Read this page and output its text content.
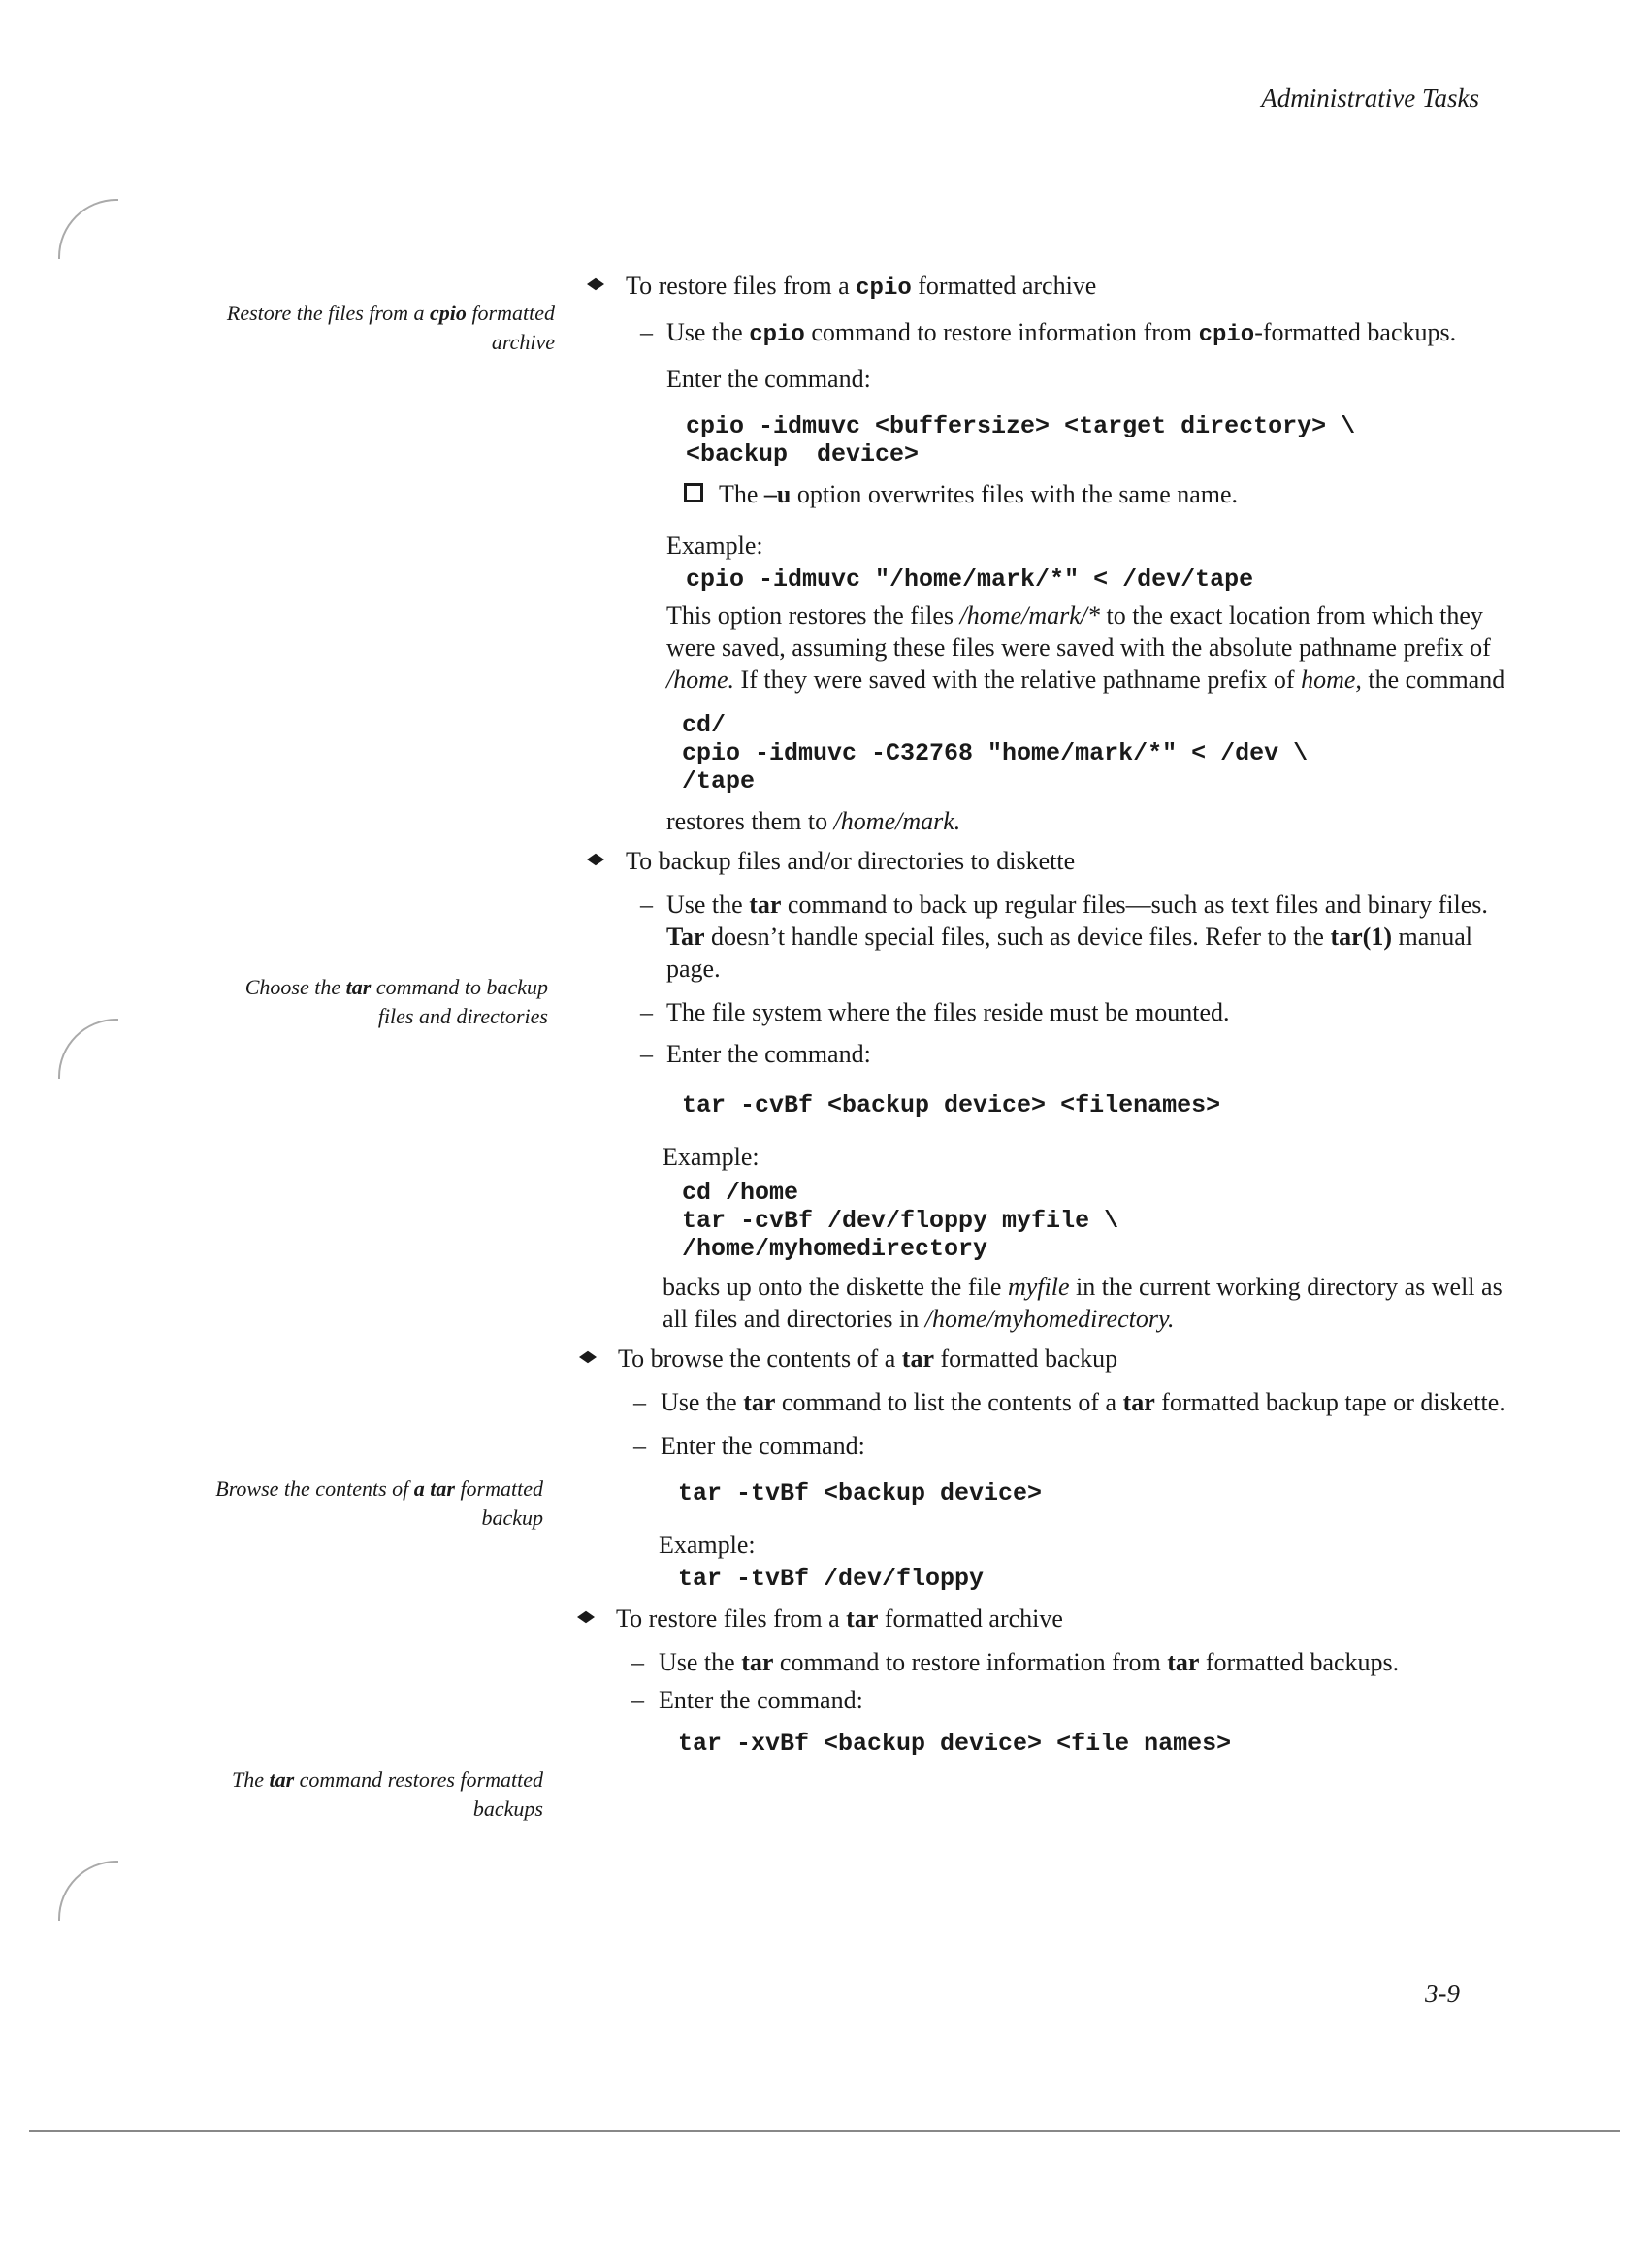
Administrative Tasks
Restore the files from a cpio formatted archive
Choose the tar command to backup files and directories
Browse the contents of a tar formatted backup
The tar command restores formatted backups

To restore files from a cpio formatted archive

– Use the cpio command to restore information from cpio-formatted backups.

Enter the command:

cpio -idmuvc <buffersize> <target directory> \
<backup  device>

The –u option overwrites files with the same name.

Example:

cpio -idmuvc "/home/mark/*" < /dev/tape

This option restores the files /home/mark/* to the exact location from which they were saved, assuming these files were saved with the absolute pathname prefix of /home. If they were saved with the relative pathname prefix of home, the command

cd/
cpio -idmuvc -C32768 "home/mark/*" < /dev \
/tape

restores them to /home/mark.

To backup files and/or directories to diskette

– Use the tar command to back up regular files—such as text files and binary files. Tar doesn’t handle special files, such as device files. Refer to the tar(1) manual page.

– The file system where the files reside must be mounted.

– Enter the command:

tar -cvBf <backup device> <filenames>

Example:

cd /home
tar -cvBf /dev/floppy myfile \
/home/myhomedirectory

backs up onto the diskette the file myfile in the current working directory as well as all files and directories in /home/myhomedirectory.

To browse the contents of a tar formatted backup

– Use the tar command to list the contents of a tar formatted backup tape or diskette.

– Enter the command:

tar -tvBf <backup device>

Example:

tar -tvBf /dev/floppy

To restore files from a tar formatted archive

– Use the tar command to restore information from tar formatted backups.

– Enter the command:

tar -xvBf <backup device> <file names>

3-9
